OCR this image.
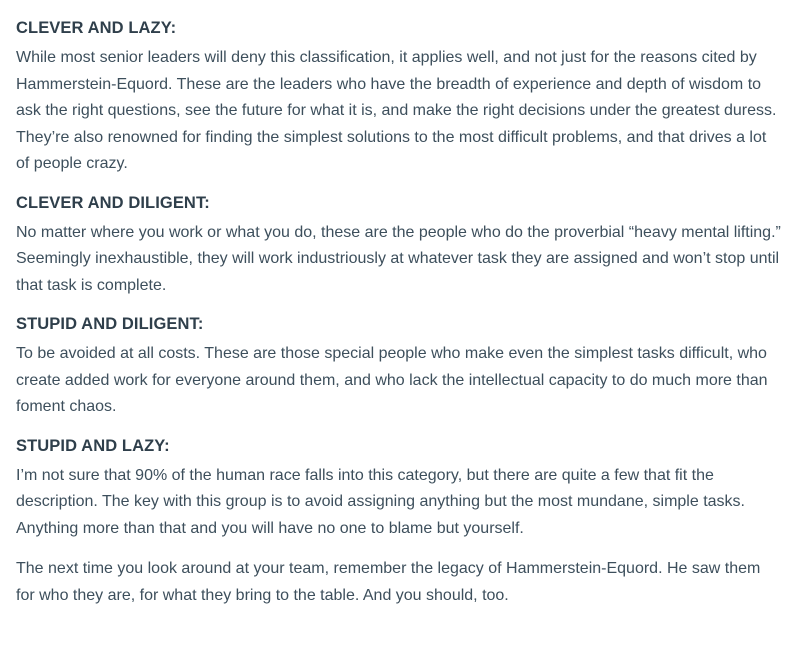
CLEVER AND LAZY:

While most senior leaders will deny this classification, it applies well, and not just for the reasons cited by Hammerstein-Equord. These are the leaders who have the breadth of experience and depth of wisdom to ask the right questions, see the future for what it is, and make the right decisions under the greatest duress. They’re also renowned for finding the simplest solutions to the most difficult problems, and that drives a lot of people crazy.

CLEVER AND DILIGENT:

No matter where you work or what you do, these are the people who do the proverbial “heavy mental lifting.” Seemingly inexhaustible, they will work industriously at whatever task they are assigned and won’t stop until that task is complete.

STUPID AND DILIGENT:

To be avoided at all costs. These are those special people who make even the simplest tasks difficult, who create added work for everyone around them, and who lack the intellectual capacity to do much more than foment chaos.

STUPID AND LAZY:

I’m not sure that 90% of the human race falls into this category, but there are quite a few that fit the description. The key with this group is to avoid assigning anything but the most mundane, simple tasks. Anything more than that and you will have no one to blame but yourself.

The next time you look around at your team, remember the legacy of Hammerstein-Equord. He saw them for who they are, for what they bring to the table. And you should, too.
